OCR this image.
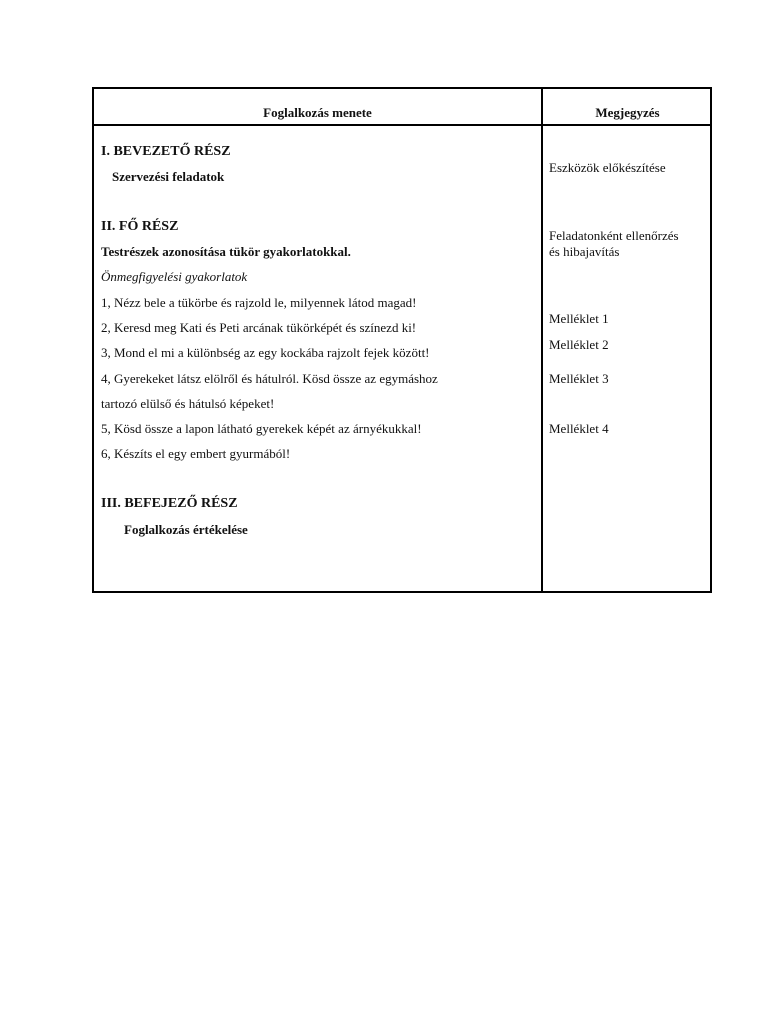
Foglalkozás menete	Megjegyzés
I. BEVEZETŐ RÉSZ
Szervezési feladatok
II. FŐ RÉSZ
Testrészek azonosítása tükör gyakorlatokkal.
Önmegfigyelési gyakorlatok
1, Nézz bele a tükörbe és rajzold le, milyennek látod magad!
2, Keresd meg Kati és Peti arcának tükörképét és színezd ki!
3, Mond el mi a különbség az egy kockába rajzolt fejek között!
4, Gyerekeket látsz elölről és hátulról. Kösd össze az egymáshoz
tartozó elülső és hátulsó képeket!
5, Kösd össze a lapon látható gyerekek képét az árnyékukkal!
6, Készíts el egy embert gyurmából!
III. BEFEJEZŐ RÉSZ
Foglalkozás értékelése
Eszközök előkészítése
Feladatonként ellenőrzés
és hibajavítás
Melléklet 1
Melléklet 2
Melléklet 3
Melléklet 4
